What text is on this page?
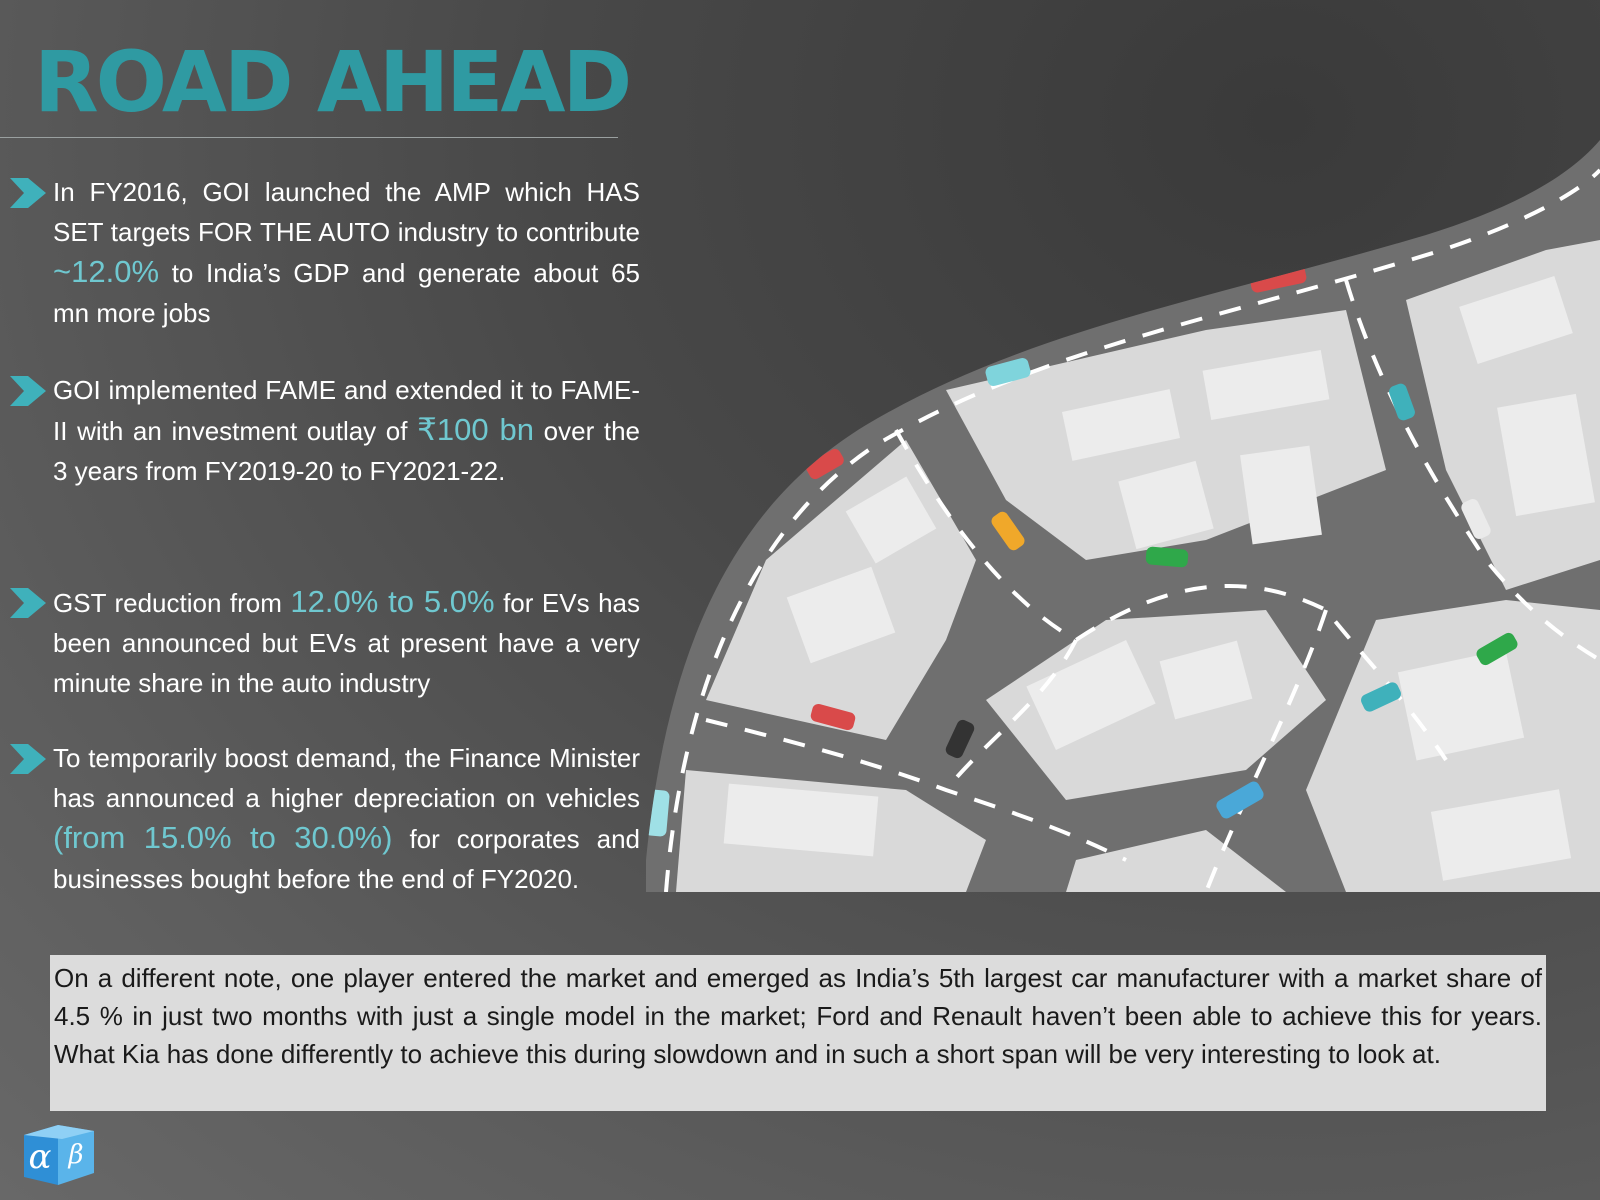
ROAD AHEAD
In FY2016, GOI launched the AMP which HAS SET targets FOR THE AUTO industry to contribute ~12.0% to India’s GDP and generate about 65 mn more jobs
GOI implemented FAME and extended it to FAME-II with an investment outlay of ₹100 bn over the 3 years from FY2019-20 to FY2021-22.
GST reduction from 12.0% to 5.0% for EVs has been announced but EVs at present have a very minute share in the auto industry
To temporarily boost demand, the Finance Minister has announced a higher depreciation on vehicles (from 15.0% to 30.0%) for corporates and businesses bought before the end of FY2020.
On a different note, one player entered the market and emerged as India’s 5th largest car manufacturer with a market share of 4.5 % in just two months with just a single model in the market; Ford and Renault haven’t been able to achieve this for years. What Kia has done differently to achieve this during slowdown and in such a short span will be very interesting to look at.
α β
